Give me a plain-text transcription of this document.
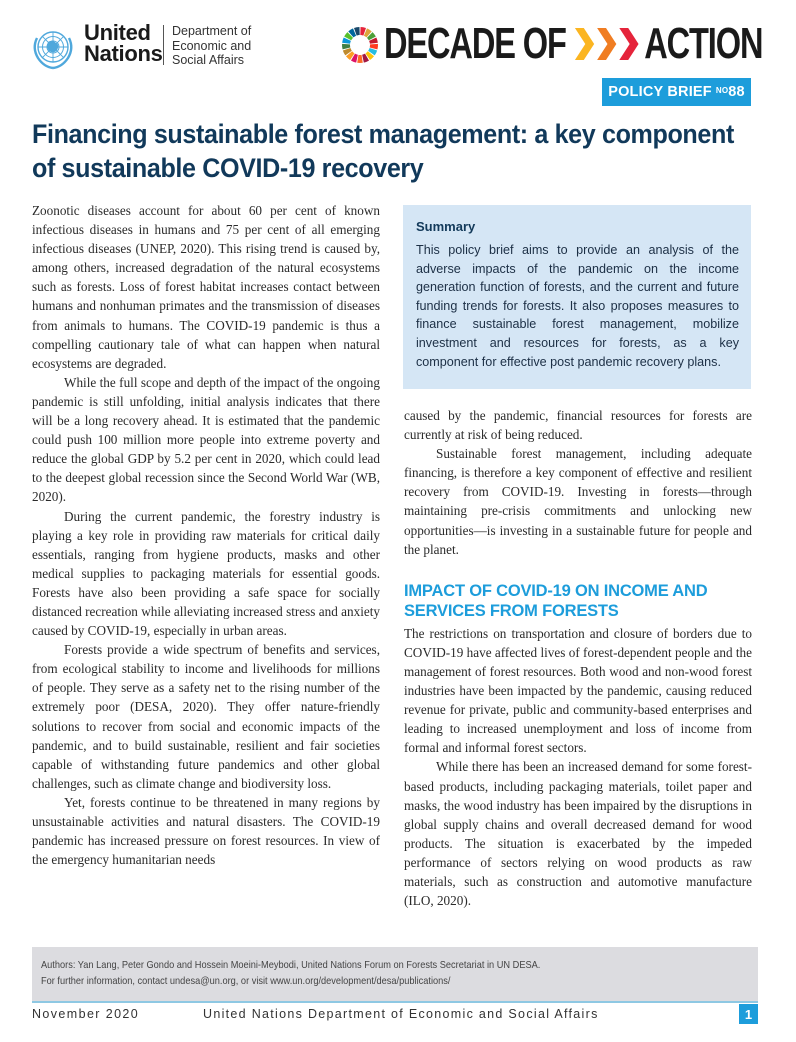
United
Nations
Department of
Economic and
Social Affairs	DECADE OF ACTION
POLICY BRIEF $^{NO}$ 88
Financing sustainable forest management: a key component of sustainable COVID-19 recovery

Zoonotic diseases account for about 60 per cent of known infectious diseases in humans and 75 per cent of all emerging infectious diseases (UNEP, 2020). This rising trend is caused by, among others, increased degradation of the natural ecosystems such as forests. Loss of forest habitat increases contact between humans and nonhuman primates and the transmission of diseases from animals to humans. The COVID-19 pandemic is thus a compelling cautionary tale of what can happen when natural ecosystems are degraded.

While the full scope and depth of the impact of the ongoing pandemic is still unfolding, initial analysis indicates that there will be a long recovery ahead. It is estimated that the pandemic could push 100 million more people into extreme poverty and reduce the global GDP by 5.2 per cent in 2020, which could lead to the deepest global recession since the Second World War (WB, 2020).

During the current pandemic, the forestry industry is playing a key role in providing raw materials for critical daily essentials, ranging from hygiene products, masks and other medical supplies to packaging materials for essential goods. Forests have also been providing a safe space for socially distanced recreation while alleviating increased stress and anxiety caused by COVID-19, especially in urban areas.

Forests provide a wide spectrum of benefits and services, from ecological stability to income and livelihoods for millions of people. They serve as a safety net to the rising number of the extremely poor (DESA, 2020). They offer nature-friendly solutions to recover from social and economic impacts of the pandemic, and to build sustainable, resilient and fair societies capable of withstanding future pandemics and other global challenges, such as climate change and biodiversity loss.

Yet, forests continue to be threatened in many regions by unsustainable activities and natural disasters. The COVID-19 pandemic has increased pressure on forest resources. In view of the emergency humanitarian needs

Summary
This policy brief aims to provide an analysis of the adverse impacts of the pandemic on the income generation function of forests, and the current and future funding trends for forests. It also proposes measures to finance sustainable forest management, mobilize investment and resources for forests, as a key component for effective post pandemic recovery plans.

caused by the pandemic, financial resources for forests are currently at risk of being reduced.

Sustainable forest management, including adequate financing, is therefore a key component of effective and resilient recovery from COVID-19. Investing in forests—through maintaining pre-crisis commitments and unlocking new opportunities—is investing in a sustainable future for people and the planet.

IMPACT OF COVID-19 ON INCOME AND SERVICES FROM FORESTS

The restrictions on transportation and closure of borders due to COVID-19 have affected lives of forest-dependent people and the management of forest resources. Both wood and non-wood forest industries have been impacted by the pandemic, causing reduced revenue for private, public and community-based enterprises and leading to increased unemployment and loss of income from formal and informal forest sectors.

While there has been an increased demand for some forest-based products, including packaging materials, toilet paper and masks, the wood industry has been impaired by the disruptions in global supply chains and overall decreased demand for wood products. The situation is exacerbated by the impeded performance of sectors relying on wood products as raw materials, such as construction and automotive manufacture (ILO, 2020).

Authors: Yan Lang, Peter Gondo and Hossein Moeini-Meybodi, United Nations Forum on Forests Secretariat in UN DESA.
For further information, contact undesa@un.org, or visit www.un.org/development/desa/publications/
November 2020	United Nations Department of Economic and Social Affairs	1
